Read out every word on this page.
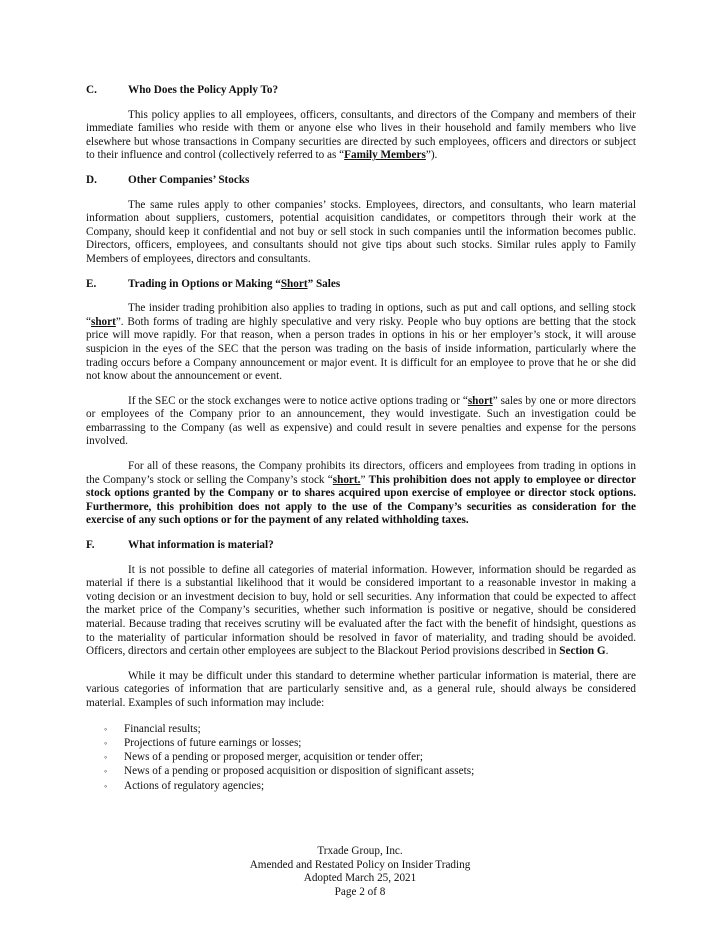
C.	Who Does the Policy Apply To?

This policy applies to all employees, officers, consultants, and directors of the Company and members of their immediate families who reside with them or anyone else who lives in their household and family members who live elsewhere but whose transactions in Company securities are directed by such employees, officers and directors or subject to their influence and control (collectively referred to as “Family Members”).

D.	Other Companies’ Stocks

The same rules apply to other companies’ stocks. Employees, directors, and consultants, who learn material information about suppliers, customers, potential acquisition candidates, or competitors through their work at the Company, should keep it confidential and not buy or sell stock in such companies until the information becomes public. Directors, officers, employees, and consultants should not give tips about such stocks. Similar rules apply to Family Members of employees, directors and consultants.

E.	Trading in Options or Making “Short” Sales

The insider trading prohibition also applies to trading in options, such as put and call options, and selling stock “short”. Both forms of trading are highly speculative and very risky. People who buy options are betting that the stock price will move rapidly. For that reason, when a person trades in options in his or her employer’s stock, it will arouse suspicion in the eyes of the SEC that the person was trading on the basis of inside information, particularly where the trading occurs before a Company announcement or major event. It is difficult for an employee to prove that he or she did not know about the announcement or event.

If the SEC or the stock exchanges were to notice active options trading or “short” sales by one or more directors or employees of the Company prior to an announcement, they would investigate. Such an investigation could be embarrassing to the Company (as well as expensive) and could result in severe penalties and expense for the persons involved.

For all of these reasons, the Company prohibits its directors, officers and employees from trading in options in the Company’s stock or selling the Company’s stock “short.” This prohibition does not apply to employee or director stock options granted by the Company or to shares acquired upon exercise of employee or director stock options. Furthermore, this prohibition does not apply to the use of the Company’s securities as consideration for the exercise of any such options or for the payment of any related withholding taxes.

F.	What information is material?

It is not possible to define all categories of material information. However, information should be regarded as material if there is a substantial likelihood that it would be considered important to a reasonable investor in making a voting decision or an investment decision to buy, hold or sell securities. Any information that could be expected to affect the market price of the Company’s securities, whether such information is positive or negative, should be considered material. Because trading that receives scrutiny will be evaluated after the fact with the benefit of hindsight, questions as to the materiality of particular information should be resolved in favor of materiality, and trading should be avoided. Officers, directors and certain other employees are subject to the Blackout Period provisions described in Section G.

While it may be difficult under this standard to determine whether particular information is material, there are various categories of information that are particularly sensitive and, as a general rule, should always be considered material. Examples of such information may include:

◦	Financial results;
◦	Projections of future earnings or losses;
◦	News of a pending or proposed merger, acquisition or tender offer;
◦	News of a pending or proposed acquisition or disposition of significant assets;
◦	Actions of regulatory agencies;
Trxade Group, Inc.
Amended and Restated Policy on Insider Trading
Adopted March 25, 2021
Page 2 of 8
